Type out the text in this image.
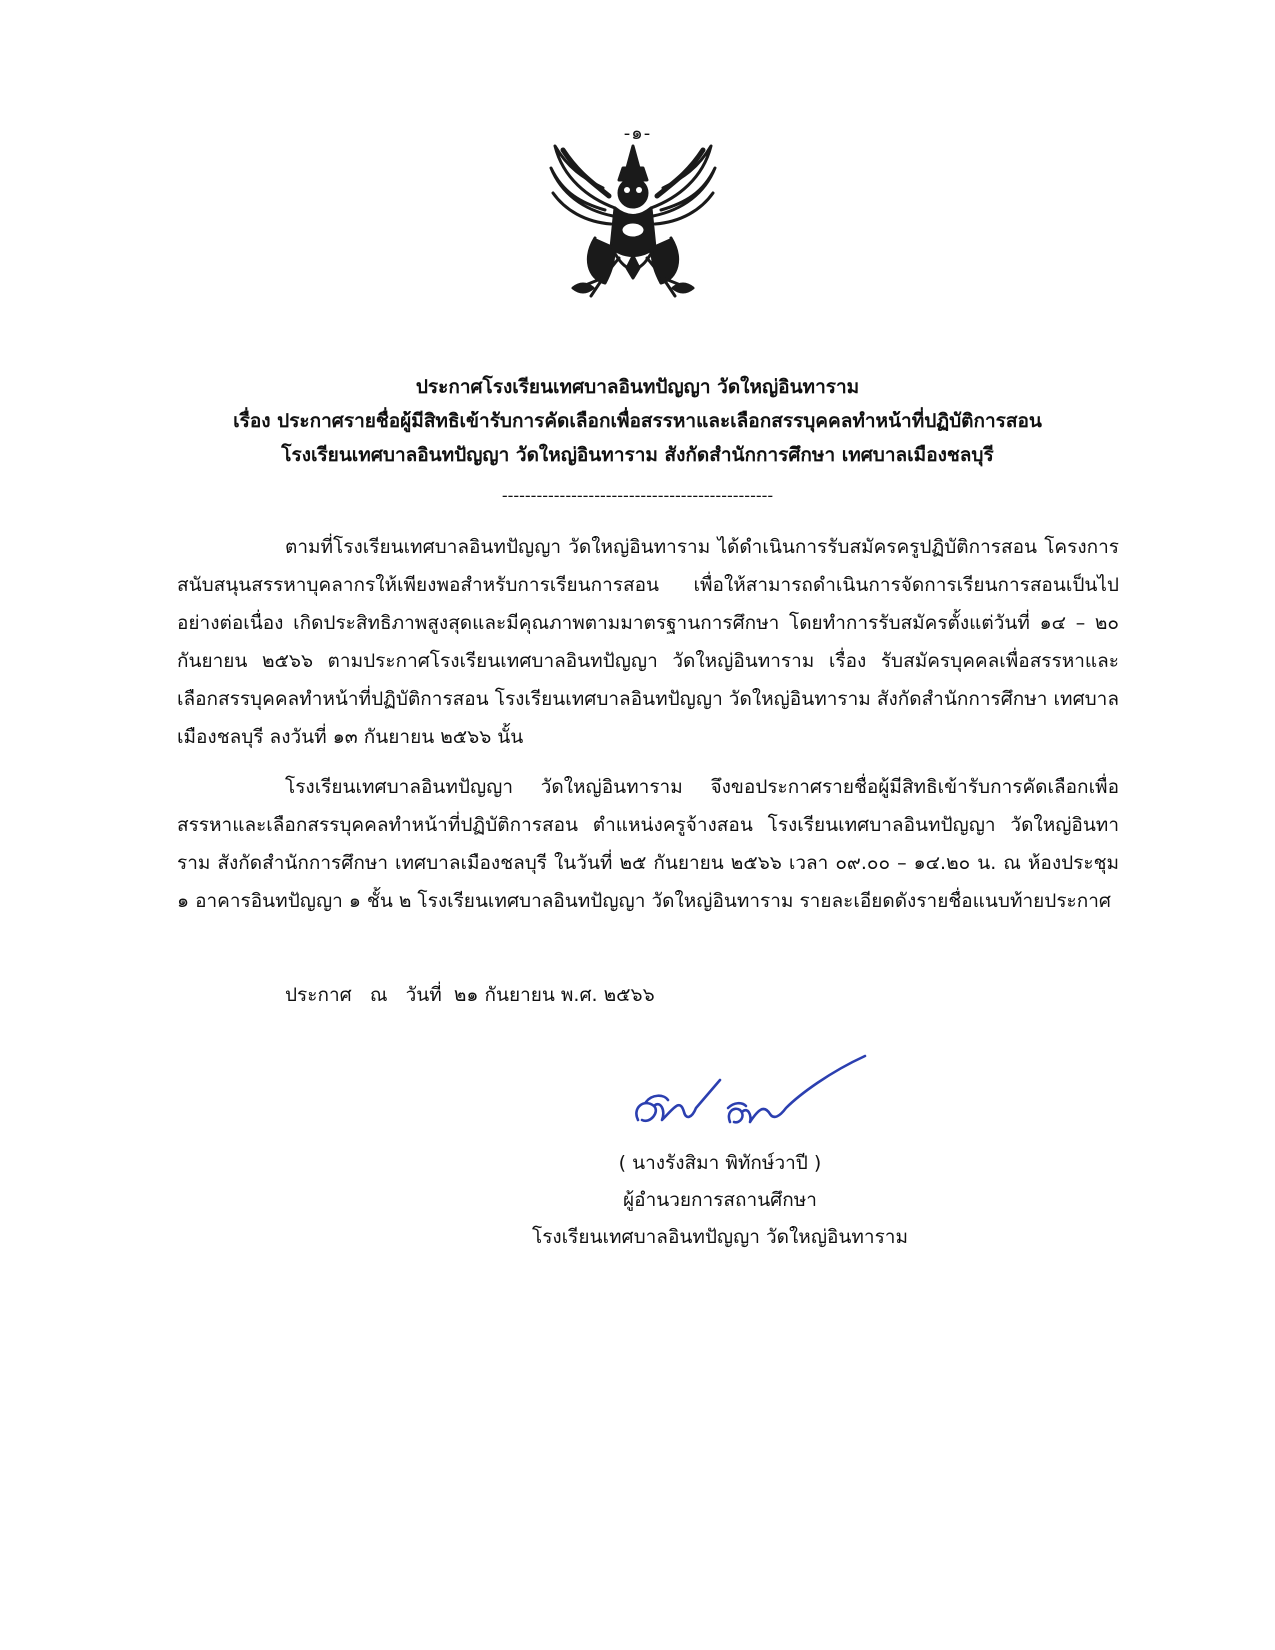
-๑-
ประกาศโรงเรียนเทศบาลอินทปัญญา วัดใหญ่อินทาราม
เรื่อง ประกาศรายชื่อผู้มีสิทธิเข้ารับการคัดเลือกเพื่อสรรหาและเลือกสรรบุคคลทำหน้าที่ปฏิบัติการสอน
โรงเรียนเทศบาลอินทปัญญา วัดใหญ่อินทาราม สังกัดสำนักการศึกษา เทศบาลเมืองชลบุรี
-----------------------------------------------
ตามที่โรงเรียนเทศบาลอินทปัญญา วัดใหญ่อินทาราม ได้ดำเนินการรับสมัครครูปฏิบัติการสอน โครงการสนับสนุนสรรหาบุคลากรให้เพียงพอสำหรับการเรียนการสอน เพื่อให้สามารถดำเนินการจัดการเรียนการสอนเป็นไปอย่างต่อเนื่อง เกิดประสิทธิภาพสูงสุดและมีคุณภาพตามมาตรฐานการศึกษา โดยทำการรับสมัครตั้งแต่วันที่ ๑๔ – ๒๐ กันยายน ๒๕๖๖ ตามประกาศโรงเรียนเทศบาลอินทปัญญา วัดใหญ่อินทาราม เรื่อง รับสมัครบุคคลเพื่อสรรหาและเลือกสรรบุคคลทำหน้าที่ปฏิบัติการสอน โรงเรียนเทศบาลอินทปัญญา วัดใหญ่อินทาราม สังกัดสำนักการศึกษา เทศบาลเมืองชลบุรี ลงวันที่ ๑๓ กันยายน ๒๕๖๖ นั้น
โรงเรียนเทศบาลอินทปัญญา วัดใหญ่อินทาราม จึงขอประกาศรายชื่อผู้มีสิทธิเข้ารับการคัดเลือกเพื่อสรรหาและเลือกสรรบุคคลทำหน้าที่ปฏิบัติการสอน ตำแหน่งครูจ้างสอน โรงเรียนเทศบาลอินทปัญญา วัดใหญ่อินทาราม สังกัดสำนักการศึกษา เทศบาลเมืองชลบุรี ในวันที่ ๒๕ กันยายน ๒๕๖๖ เวลา ๐๙.๐๐ – ๑๔.๒๐ น. ณ ห้องประชุม ๑ อาคารอินทปัญญา ๑ ชั้น ๒ โรงเรียนเทศบาลอินทปัญญา วัดใหญ่อินทาราม รายละเอียดดังรายชื่อแนบท้ายประกาศ
ประกาศ   ณ   วันที่  ๒๑ กันยายน พ.ศ. ๒๕๖๖
( นางรังสิมา พิทักษ์วาปี )
ผู้อำนวยการสถานศึกษา
โรงเรียนเทศบาลอินทปัญญา วัดใหญ่อินทาราม
